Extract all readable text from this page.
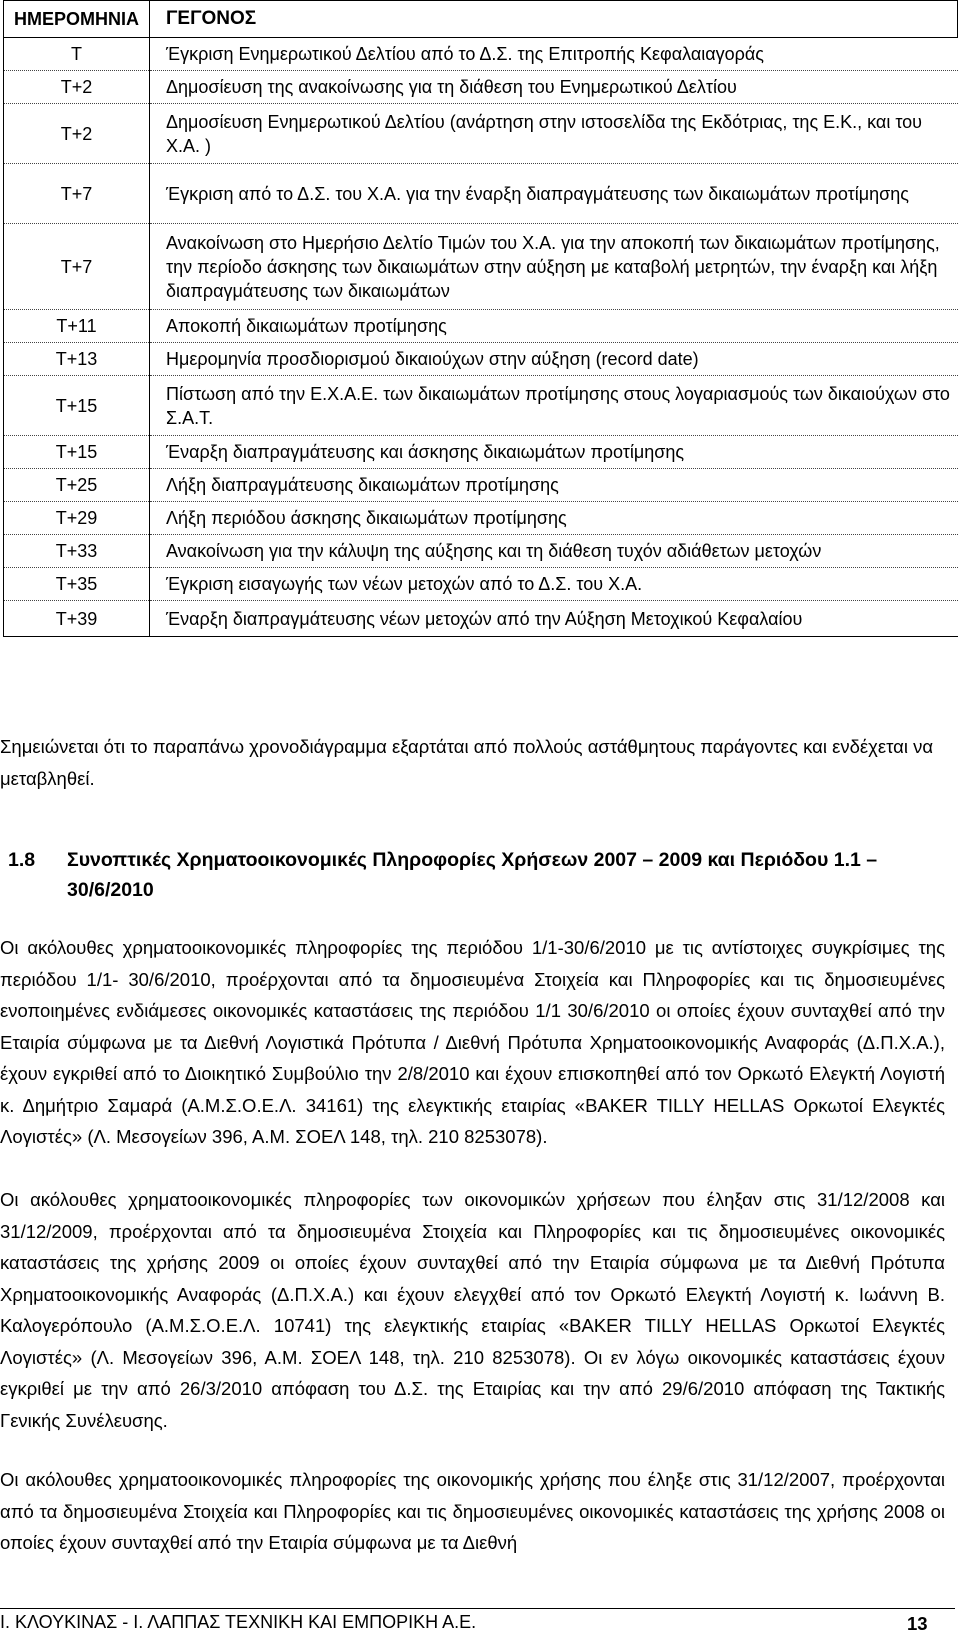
ΗΜΕΡΟΜΗΝΙΑ	ΓΕΓΟΝΟΣ
T	Έγκριση Ενημερωτικού Δελτίου από το Δ.Σ. της Επιτροπής Κεφαλαιαγοράς
Τ+2	Δημοσίευση της ανακοίνωσης για τη διάθεση του Ενημερωτικού Δελτίου
Τ+2	Δημοσίευση Ενημερωτικού Δελτίου (ανάρτηση στην ιστοσελίδα της Εκδότριας, της Ε.Κ., και του Χ.Α. )
Τ+7	Έγκριση από το Δ.Σ. του Χ.Α. για την έναρξη διαπραγμάτευσης των δικαιωμάτων προτίμησης
Τ+7	Ανακοίνωση στο Ημερήσιο Δελτίο Τιμών του Χ.Α. για την αποκοπή των δικαιωμάτων προτίμησης, την περίοδο άσκησης των δικαιωμάτων στην αύξηση με καταβολή μετρητών, την έναρξη και λήξη διαπραγμάτευσης των δικαιωμάτων
Τ+11	Αποκοπή δικαιωμάτων προτίμησης
Τ+13	Ημερομηνία προσδιορισμού δικαιούχων στην αύξηση (record date)
Τ+15	Πίστωση από την Ε.Χ.Α.Ε. των δικαιωμάτων προτίμησης στους λογαριασμούς των δικαιούχων στο Σ.Α.Τ.
Τ+15	Έναρξη διαπραγμάτευσης και άσκησης δικαιωμάτων προτίμησης
Τ+25	Λήξη διαπραγμάτευσης δικαιωμάτων προτίμησης
Τ+29	Λήξη περιόδου άσκησης δικαιωμάτων προτίμησης
Τ+33	Ανακοίνωση για την κάλυψη της αύξησης και τη διάθεση τυχόν αδιάθετων μετοχών
Τ+35	Έγκριση εισαγωγής των νέων μετοχών από το Δ.Σ. του Χ.Α.
Τ+39	Έναρξη διαπραγμάτευσης νέων μετοχών από την Αύξηση Μετοχικού Κεφαλαίου
Σημειώνεται ότι το παραπάνω χρονοδιάγραμμα εξαρτάται από πολλούς αστάθμητους παράγοντες και ενδέχεται να μεταβληθεί.
1.8 Συνοπτικές Χρηματοοικονομικές Πληροφορίες Χρήσεων 2007 – 2009 και Περιόδου 1.1 –
30/6/2010

Οι ακόλουθες χρηματοοικονομικές πληροφορίες της περιόδου 1/1-30/6/2010 με τις αντίστοιχες συγκρίσιμες της περιόδου 1/1- 30/6/2010, προέρχονται από τα δημοσιευμένα Στοιχεία και Πληροφορίες και τις δημοσιευμένες ενοποιημένες ενδιάμεσες οικονομικές καταστάσεις της περιόδου 1/1 30/6/2010 οι οποίες έχουν συνταχθεί από την Εταιρία σύμφωνα με τα Διεθνή Λογιστικά Πρότυπα / Διεθνή Πρότυπα Χρηματοοικονομικής Αναφοράς (Δ.Π.Χ.Α.), έχουν εγκριθεί από το Διοικητικό Συμβούλιο την 2/8/2010 και έχουν επισκοπηθεί από τον Ορκωτό Ελεγκτή Λογιστή κ. Δημήτριο Σαμαρά (Α.Μ.Σ.Ο.Ε.Λ. 34161) της ελεγκτικής εταιρίας «BAKER TILLY HELLAS Ορκωτοί Ελεγκτές Λογιστές» (Λ. Μεσογείων 396, Α.Μ. ΣΟΕΛ 148, τηλ. 210 8253078).

Οι ακόλουθες χρηματοοικονομικές πληροφορίες των οικονομικών χρήσεων που έληξαν στις 31/12/2008 και 31/12/2009, προέρχονται από τα δημοσιευμένα Στοιχεία και Πληροφορίες και τις δημοσιευμένες οικονομικές καταστάσεις της χρήσης 2009 οι οποίες έχουν συνταχθεί από την Εταιρία σύμφωνα με τα Διεθνή Πρότυπα Χρηματοοικονομικής Αναφοράς (Δ.Π.Χ.Α.) και έχουν ελεγχθεί από τον Ορκωτό Ελεγκτή Λογιστή κ. Ιωάννη Β. Καλογερόπουλο (Α.Μ.Σ.Ο.Ε.Λ. 10741) της ελεγκτικής εταιρίας «BAKER TILLY HELLAS Ορκωτοί Ελεγκτές Λογιστές» (Λ. Μεσογείων 396, Α.Μ. ΣΟΕΛ 148, τηλ. 210 8253078). Οι εν λόγω οικονομικές καταστάσεις έχουν εγκριθεί με την από 26/3/2010 απόφαση του Δ.Σ. της Εταιρίας και την από 29/6/2010 απόφαση της Τακτικής Γενικής Συνέλευσης.

Οι ακόλουθες χρηματοοικονομικές πληροφορίες της οικονομικής χρήσης που έληξε στις 31/12/2007, προέρχονται από τα δημοσιευμένα Στοιχεία και Πληροφορίες και τις δημοσιευμένες οικονομικές καταστάσεις της χρήσης 2008 οι οποίες έχουν συνταχθεί από την Εταιρία σύμφωνα με τα Διεθνή

Ι. ΚΛΟΥΚΙΝΑΣ - Ι. ΛΑΠΠΑΣ ΤΕΧΝΙΚΗ ΚΑΙ ΕΜΠΟΡΙΚΗ Α.Ε.	13
